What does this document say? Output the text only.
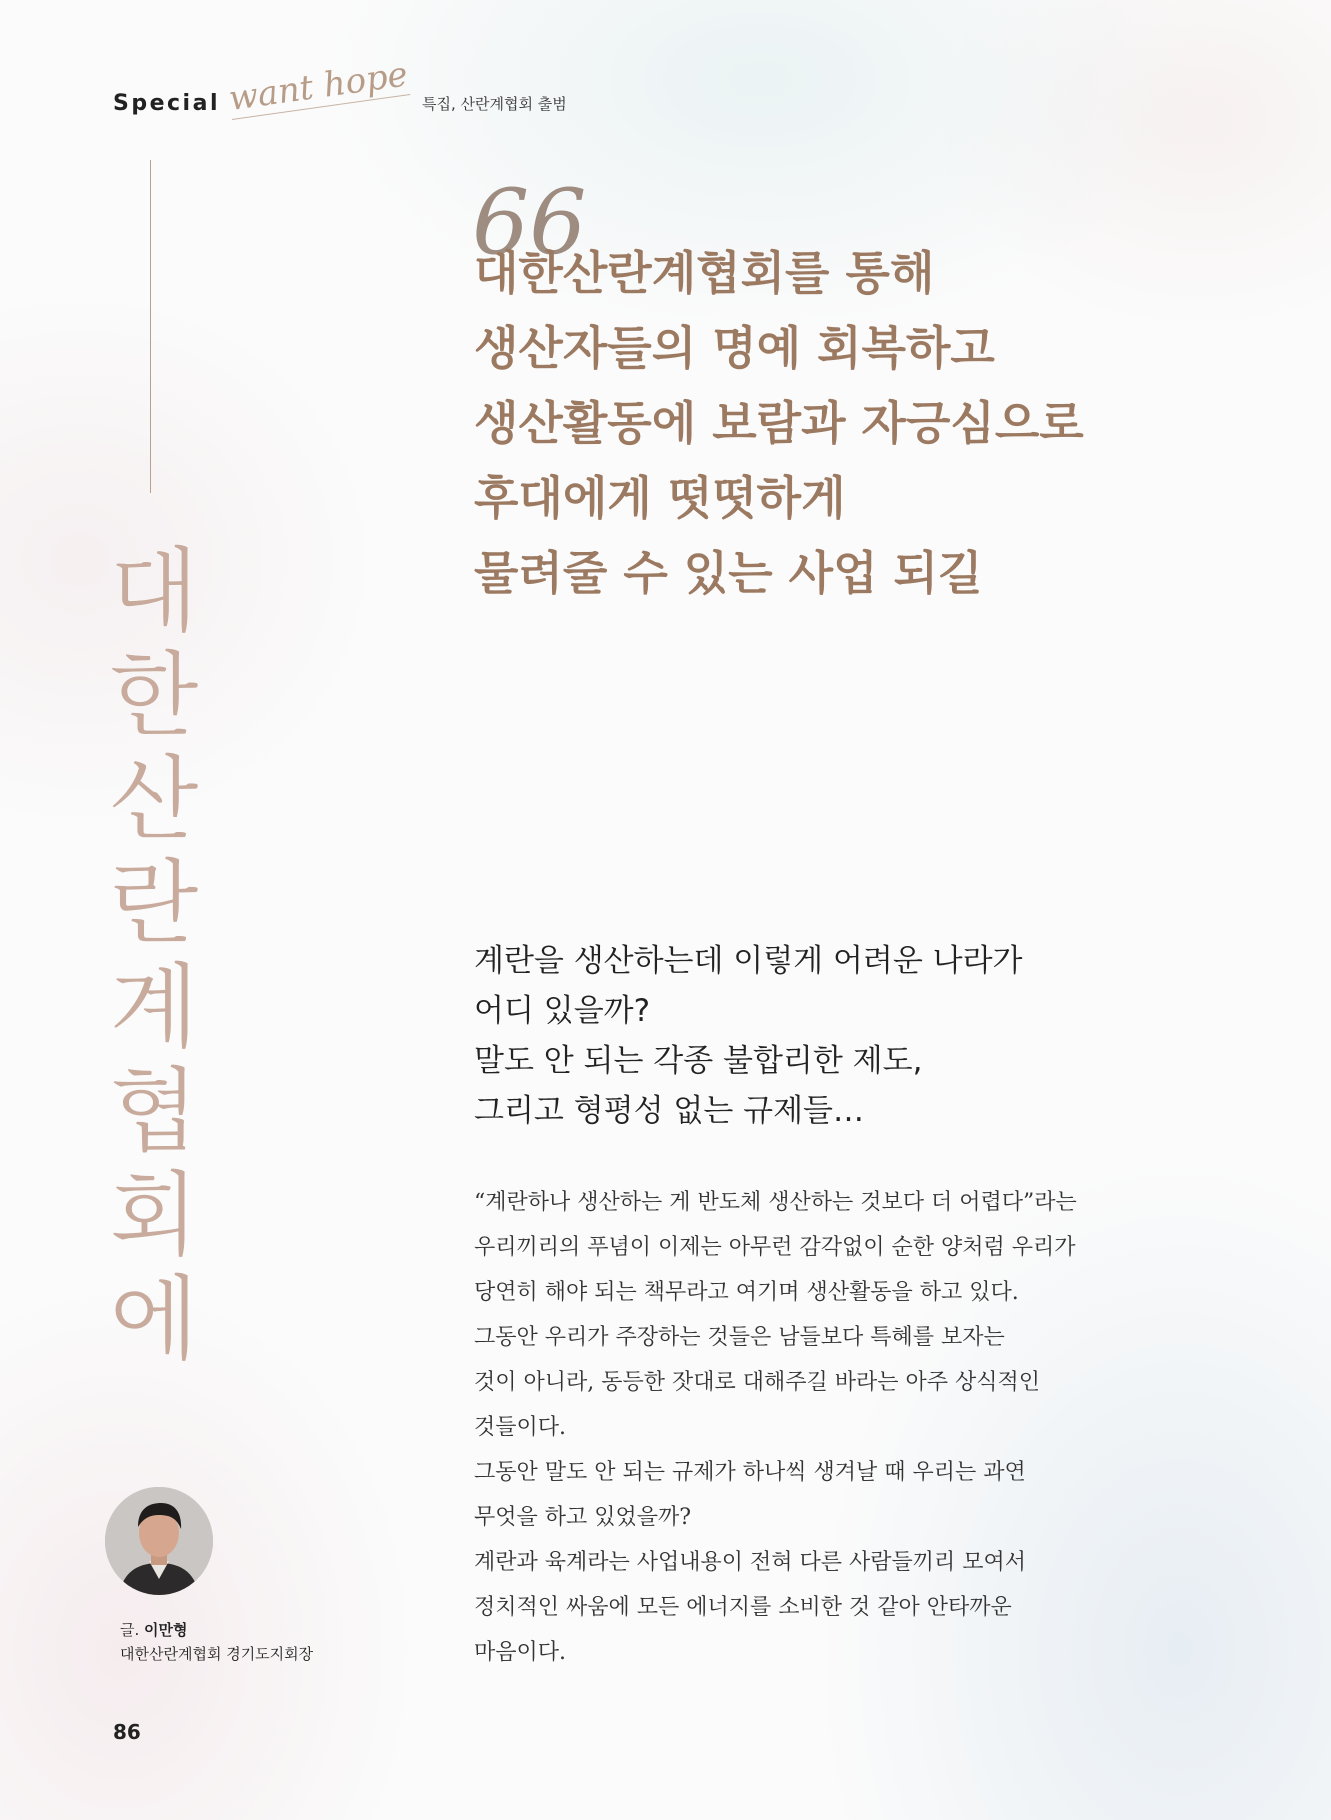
Special want hope 특집, 산란계협회 출범
대
한
산
란
계
협
회
에
66
대한산란계협회를 통해
생산자들의 명예 회복하고
생산활동에 보람과 자긍심으로
후대에게 떳떳하게
물려줄 수 있는 사업 되길
계란을 생산하는데 이렇게 어려운 나라가
어디 있을까?
말도 안 되는 각종 불합리한 제도,
그리고 형평성 없는 규제들…
“계란하나 생산하는 게 반도체 생산하는 것보다 더 어렵다”라는
우리끼리의 푸념이 이제는 아무런 감각없이 순한 양처럼 우리가
당연히 해야 되는 책무라고 여기며 생산활동을 하고 있다.
그동안 우리가 주장하는 것들은 남들보다 특혜를 보자는
것이 아니라, 동등한 잣대로 대해주길 바라는 아주 상식적인
것들이다.
그동안 말도 안 되는 규제가 하나씩 생겨날 때 우리는 과연
무엇을 하고 있었을까?
계란과 육계라는 사업내용이 전혀 다른 사람들끼리 모여서
정치적인 싸움에 모든 에너지를 소비한 것 같아 안타까운
마음이다.
글. 이만형
대한산란계협회 경기도지회장
86
